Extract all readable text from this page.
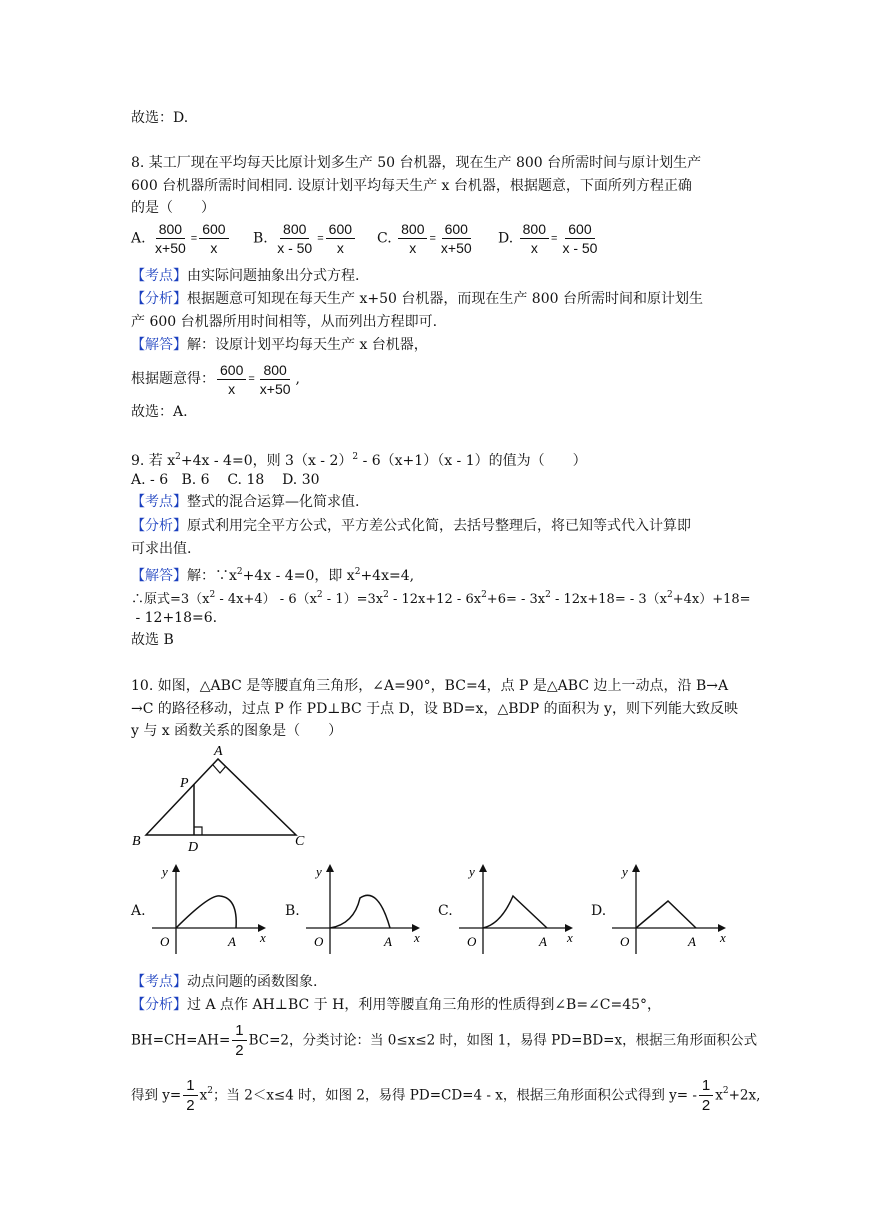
故选：D.
8. 某工厂现在平均每天比原计划多生产 50 台机器，现在生产 800 台所需时间与原计划生产
600 台机器所需时间相同. 设原计划平均每天生产 x 台机器，根据题意，下面所列方程正确
的是（　　）
A. $\frac{800}{x+50} = \frac{600}{x} B$. $\frac{800}{x - 50} = \frac{600}{x} C$. $\frac{800}{x} = \frac{600}{x+50} D$. $\frac{800}{x} = \frac{600}{x - 50}$
【考点】由实际问题抽象出分式方程.
【分析】根据题意可知现在每天生产 x+50 台机器，而现在生产 800 台所需时间和原计划生
产 600 台机器所用时间相等，从而列出方程即可.
【解答】解：设原计划平均每天生产 x 台机器，
根据题意得： $\frac{600}{x} = \frac{800}{x+50}$ ,
故选：A.
9. 若 $x^2+4x - 4=0$，则 3（x - 2）$^2$ - 6（x+1）（x - 1）的值为（　　）
A. - 6   B. 6    C. 18    D. 30
【考点】整式的混合运算—化简求值.
【分析】原式利用完全平方公式，平方差公式化简，去括号整理后，将已知等式代入计算即
可求出值.
【解答】解：$\because x^2+4x - 4=0$，即 $x^2+4x=4$,
∴原式$=3(x^2 - 4x+4) - 6(x^2 - 1)=3x^2 - 12x+12 - 6x^2+6= - 3x^2 - 12x+18= - 3(x^2+4x)+18=$
- 12+18=6.
故选 B
10. 如图，△ABC 是等腰直角三角形，∠A=90°，BC=4，点 P 是△ABC 边上一动点，沿 B→A
→C 的路径移动，过点 P 作 PD⊥BC 于点 D，设 BD=x，△BDP 的面积为 y，则下列能大致反映
y 与 x 函数关系的图象是（　　）
A
P
B	D	C
A.	B.	C.	D.
y
x
O	A
y
x
O	A
y
x
O	A
y
x
O	A
【考点】动点问题的函数图象.
【分析】过 A 点作 AH⊥BC 于 H，利用等腰直角三角形的性质得到∠B=∠C=45°，
$BH=CH=AH= \frac{1}{2} BC=2$，分类讨论：当 0≤x≤2 时，如图 1，易得 PD=BD=x，根据三角形面积公式
得到 $y= \frac{1}{2} x^2$；当 2＜x≤4 时，如图 2，易得 PD=CD=4 - x，根据三角形面积公式得到 $y= - \frac{1}{2} x^2+2x$,
